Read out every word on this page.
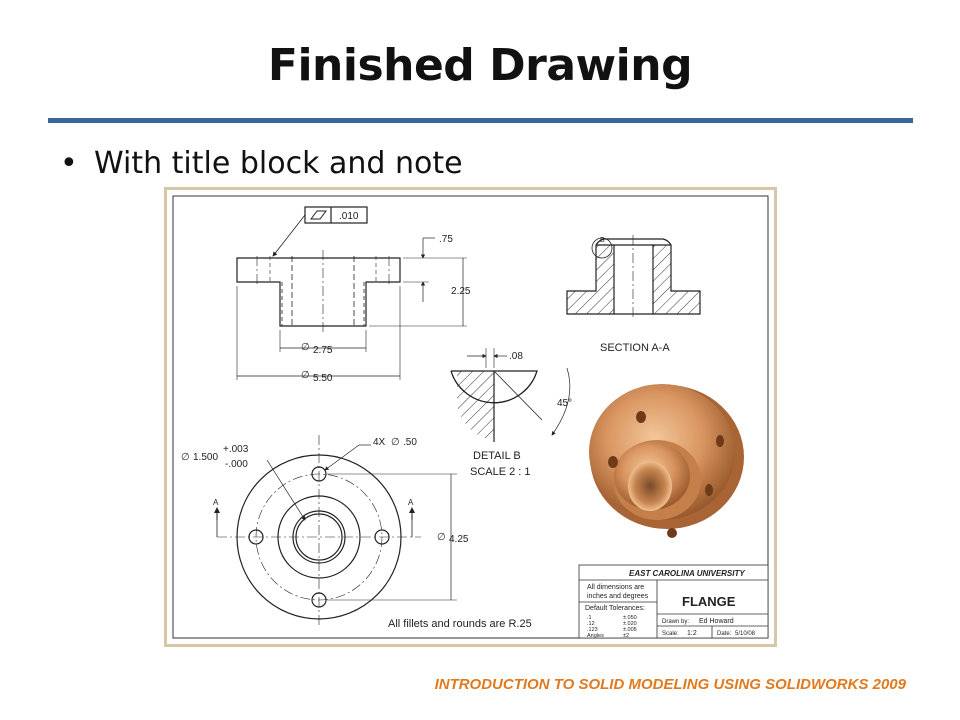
Finished Drawing
• With title block and note
.010
.75
2.25
∅ 2.75
∅ 5.50
B
SECTION A-A
.08
45°
DETAIL B
SCALE 2 : 1
∅ 1.500
+.003
-.000
4X ∅ .50
∅ 4.25
A	A
All fillets and rounds are R.25
EAST CAROLINA UNIVERSITY
All dimensions are
inches and degrees
Default Tolerances:
.1	±.050
.12	±.020
.123	±.005
Angles	±2
FLANGE
Drawn by: Ed Howard
Scale: 1:2	Date: 5/10/08
INTRODUCTION TO SOLID MODELING USING SOLIDWORKS 2009
